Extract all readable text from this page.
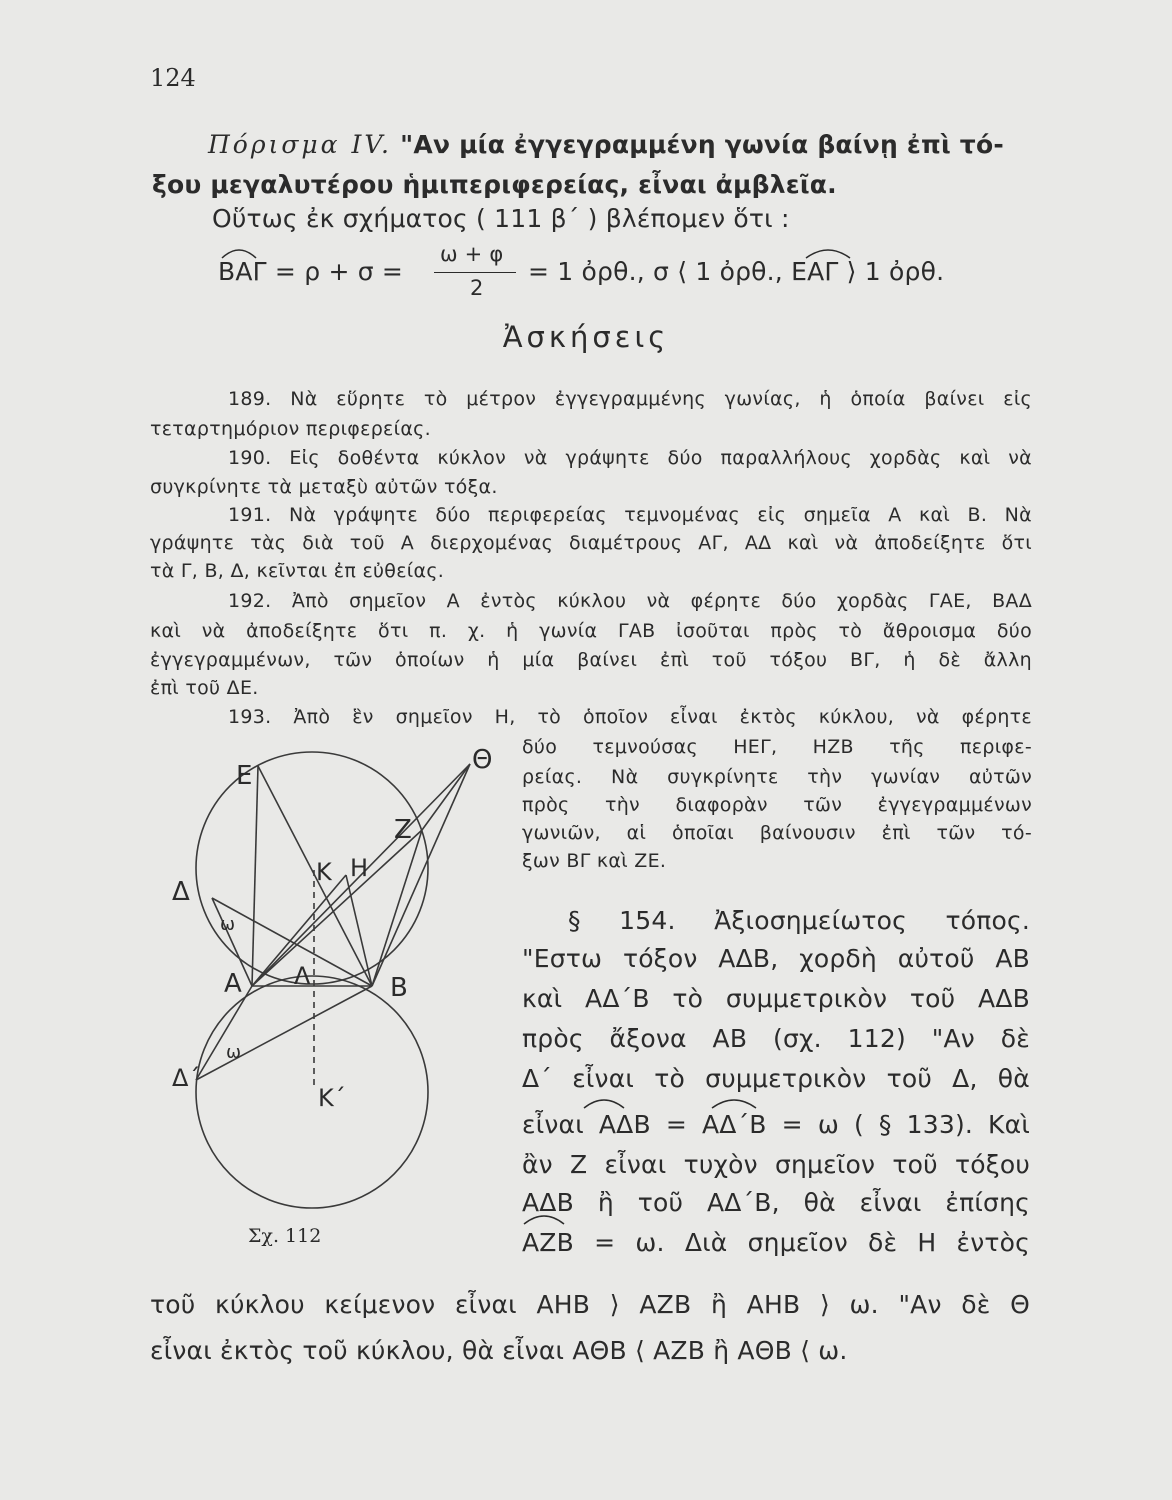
124
Πόρισμα IV. "Αν μία ἐγγεγραμμένη γωνία βαίνῃ ἐπὶ τό-
ξου μεγαλυτέρου ἡμιπεριφερείας, εἶναι ἀμβλεῖα.
Οὕτως ἐκ σχήματος ( 111 β΄ ) βλέπομεν ὅτι :
ΒΑΓ = ρ + σ =
ω + φ
2
= 1 ὀρθ., σ ⟨ 1 ὀρθ., ΕΑΓ ⟩ 1 ὀρθ.
Ἀσκήσεις
189. Νὰ εὕρητε τὸ μέτρον ἐγγεγραμμένης γωνίας, ἡ ὁποία βαίνει εἰς
τεταρτημόριον περιφερείας.
190. Εἰς δοθέντα κύκλον νὰ γράψητε δύο παραλλήλους χορδὰς καὶ νὰ
συγκρίνητε τὰ μεταξὺ αὐτῶν τόξα.
191. Νὰ γράψητε δύο περιφερείας τεμνομένας εἰς σημεῖα Α καὶ Β. Νὰ
γράψητε τὰς διὰ τοῦ Α διερχομένας διαμέτρους ΑΓ, ΑΔ καὶ νὰ ἀποδείξητε ὅτι
τὰ Γ, Β, Δ, κεῖνται ἐπ εὐθείας.
192. Ἀπὸ σημεῖον Α ἐντὸς κύκλου νὰ φέρητε δύο χορδὰς ΓΑΕ, ΒΑΔ
καὶ νὰ ἀποδείξητε ὅτι π. χ. ἡ γωνία ΓΑΒ ἰσοῦται πρὸς τὸ ἄθροισμα δύο
ἐγγεγραμμένων, τῶν ὁποίων ἡ μία βαίνει ἐπὶ τοῦ τόξου ΒΓ, ἡ δὲ ἄλλη
ἐπὶ τοῦ ΔΕ.
193. Ἀπὸ ἓν σημεῖον Η, τὸ ὁποῖον εἶναι ἐκτὸς κύκλου, νὰ φέρητε
δύο τεμνούσας ΗΕΓ, ΗΖΒ τῆς περιφε-
ρείας. Νὰ συγκρίνητε τὴν γωνίαν αὐτῶν
πρὸς τὴν διαφορὰν τῶν ἐγγεγραμμένων
γωνιῶν, αἱ ὁποῖαι βαίνουσιν ἐπὶ τῶν τό-
ξων ΒΓ καὶ ΖΕ.
§ 154. Ἀξιοσημείωτος τόπος.
"Εστω τόξον ΑΔΒ, χορδὴ αὐτοῦ ΑΒ
καὶ ΑΔ΄Β τὸ συμμετρικὸν τοῦ ΑΔΒ
πρὸς ἄξονα ΑΒ (σχ. 112) "Αν δὲ
Δ΄ εἶναι τὸ συμμετρικὸν τοῦ Δ, θὰ
εἶναι ΑΔΒ = ΑΔ΄Β = ω ( § 133). Καὶ
ἂν Ζ εἶναι τυχὸν σημεῖον τοῦ τόξου
ΑΔΒ ἢ τοῦ ΑΔ΄Β, θὰ εἶναι ἐπίσης
ΑΖΒ = ω. Διὰ σημεῖον δὲ Η ἐντὸς
τοῦ κύκλου κείμενον εἶναι ΑΗΒ ⟩ ΑΖΒ ἢ ΑΗΒ ⟩ ω. "Αν δὲ Θ
εἶναι ἐκτὸς τοῦ κύκλου, θὰ εἶναι ΑΘΒ ⟨ ΑΖΒ ἢ ΑΘΒ ⟨ ω.
Ε
Θ
Ζ
Κ Η
Δ
ω
Α Λ	Β
ω
Δ΄
Κ΄
Σχ. 112
